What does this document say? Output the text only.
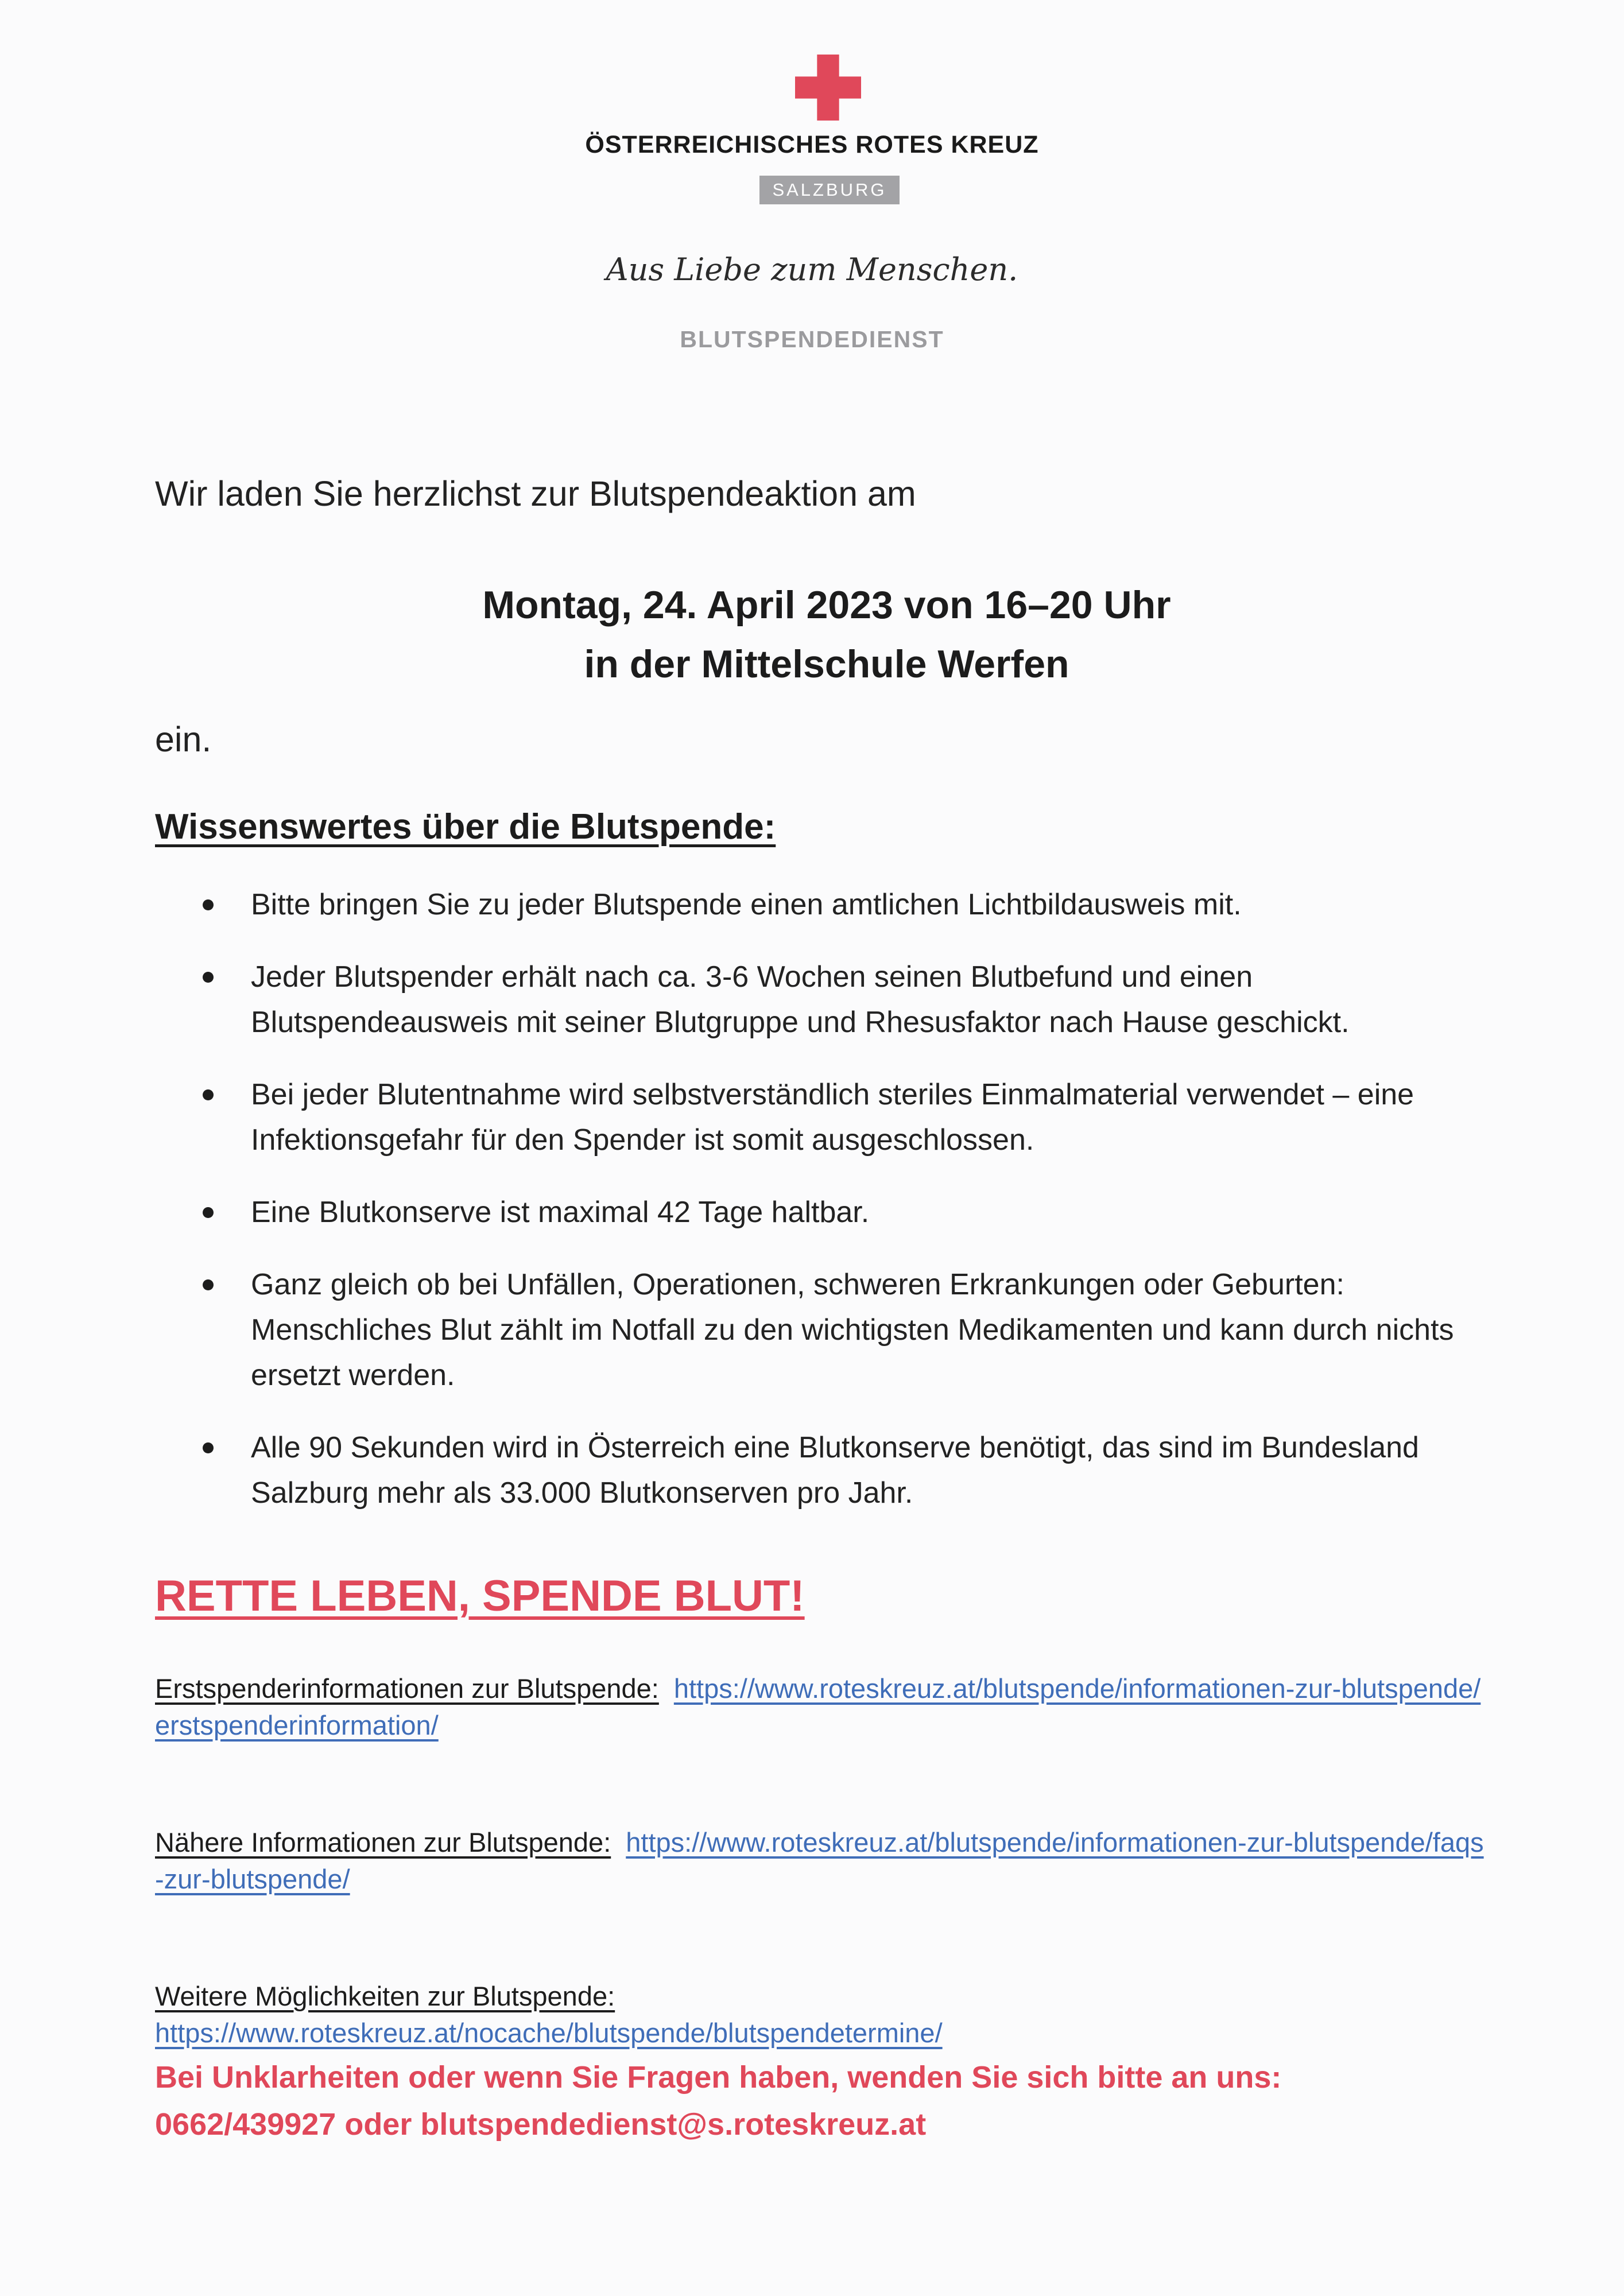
ÖSTERREICHISCHES ROTES KREUZ
SALZBURG
Aus Liebe zum Menschen.
BLUTSPENDEDIENST
Wir laden Sie herzlichst zur Blutspendeaktion am
Montag, 24. April 2023 von 16–20 Uhr
in der Mittelschule Werfen
ein.
Wissenswertes über die Blutspende:
Bitte bringen Sie zu jeder Blutspende einen amtlichen Lichtbildausweis mit.
Jeder Blutspender erhält nach ca. 3-6 Wochen seinen Blutbefund und einen Blutspendeausweis mit seiner Blutgruppe und Rhesusfaktor nach Hause geschickt.
Bei jeder Blutentnahme wird selbstverständlich steriles Einmalmaterial verwendet – eine Infektionsgefahr für den Spender ist somit ausgeschlossen.
Eine Blutkonserve ist maximal 42 Tage haltbar.
Ganz gleich ob bei Unfällen, Operationen, schweren Erkrankungen oder Geburten: Menschliches Blut zählt im Notfall zu den wichtigsten Medikamenten und kann durch nichts ersetzt werden.
Alle 90 Sekunden wird in Österreich eine Blutkonserve benötigt, das sind im Bundesland Salzburg mehr als 33.000 Blutkonserven pro Jahr.
RETTE LEBEN, SPENDE BLUT!
Erstspenderinformationen zur Blutspende: https://www.roteskreuz.at/blutspende/informationen-zur-blutspende/erstspenderinformation/
Nähere Informationen zur Blutspende: https://www.roteskreuz.at/blutspende/informationen-zur-blutspende/faqs-zur-blutspende/
Weitere Möglichkeiten zur Blutspende:
https://www.roteskreuz.at/nocache/blutspende/blutspendetermine/
Bei Unklarheiten oder wenn Sie Fragen haben, wenden Sie sich bitte an uns:
0662/439927 oder blutspendedienst@s.roteskreuz.at
